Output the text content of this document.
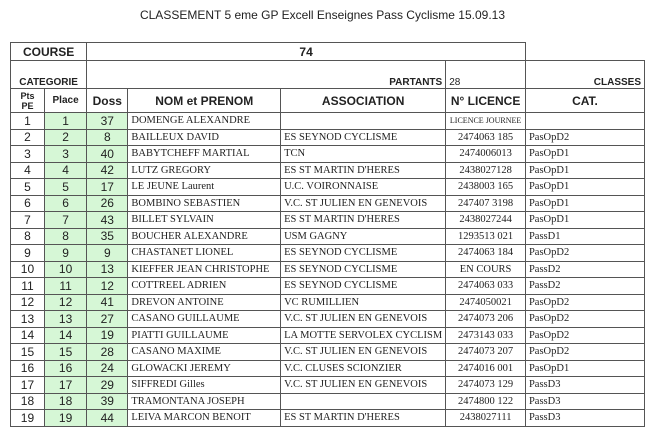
CLASSEMENT 5 eme GP Excell Enseignes Pass Cyclisme 15.09.13
COURSE		74				
CATEGORIE		PARTANTS			28	CLASSES
Pts PE	Place	Doss	NOM et PRENOM	ASSOCIATION	N° LICENCE	CAT.
1	1	37	DOMENGE ALEXANDRE		LICENCE JOURNEE	
2	2	8	BAILLEUX DAVID	ES SEYNOD CYCLISME	2474063 185	PasOpD2
3	3	40	BABYTCHEFF MARTIAL	TCN	2474006013	PasOpD1
4	4	42	LUTZ GREGORY	ES ST MARTIN D'HERES	2438027128	PasOpD1
5	5	17	LE JEUNE Laurent	U.C. VOIRONNAISE	2438003 165	PasOpD1
6	6	26	BOMBINO SEBASTIEN	V.C. ST JULIEN EN GENEVOIS	247407 3198	PasOpD1
7	7	43	BILLET SYLVAIN	ES ST MARTIN D'HERES	2438027244	PasOpD1
8	8	35	BOUCHER ALEXANDRE	USM GAGNY	1293513 021	PassD1
9	9	9	CHASTANET LIONEL	ES SEYNOD CYCLISME	2474063 184	PasOpD2
10	10	13	KIEFFER JEAN CHRISTOPHE	ES SEYNOD CYCLISME	EN COURS	PassD2
11	11	12	COTTREEL ADRIEN	ES SEYNOD CYCLISME	2474063 033	PassD2
12	12	41	DREVON ANTOINE	VC RUMILLIEN	2474050021	PasOpD2
13	13	27	CASANO GUILLAUME	V.C. ST JULIEN EN GENEVOIS	2474073 206	PasOpD2
14	14	19	PIATTI GUILLAUME	LA MOTTE SERVOLEX CYCLISM	2473143 033	PasOpD2
15	15	28	CASANO MAXIME	V.C. ST JULIEN EN GENEVOIS	2474073 207	PasOpD2
16	16	24	GLOWACKI JEREMY	V.C. CLUSES SCIONZIER	2474016 001	PasOpD1
17	17	29	SIFFREDI Gilles	V.C. ST JULIEN EN GENEVOIS	2474073 129	PassD3
18	18	39	TRAMONTANA JOSEPH		2474800 122	PassD3
19	19	44	LEIVA MARCON BENOIT	ES ST MARTIN D'HERES	2438027111	PassD3
